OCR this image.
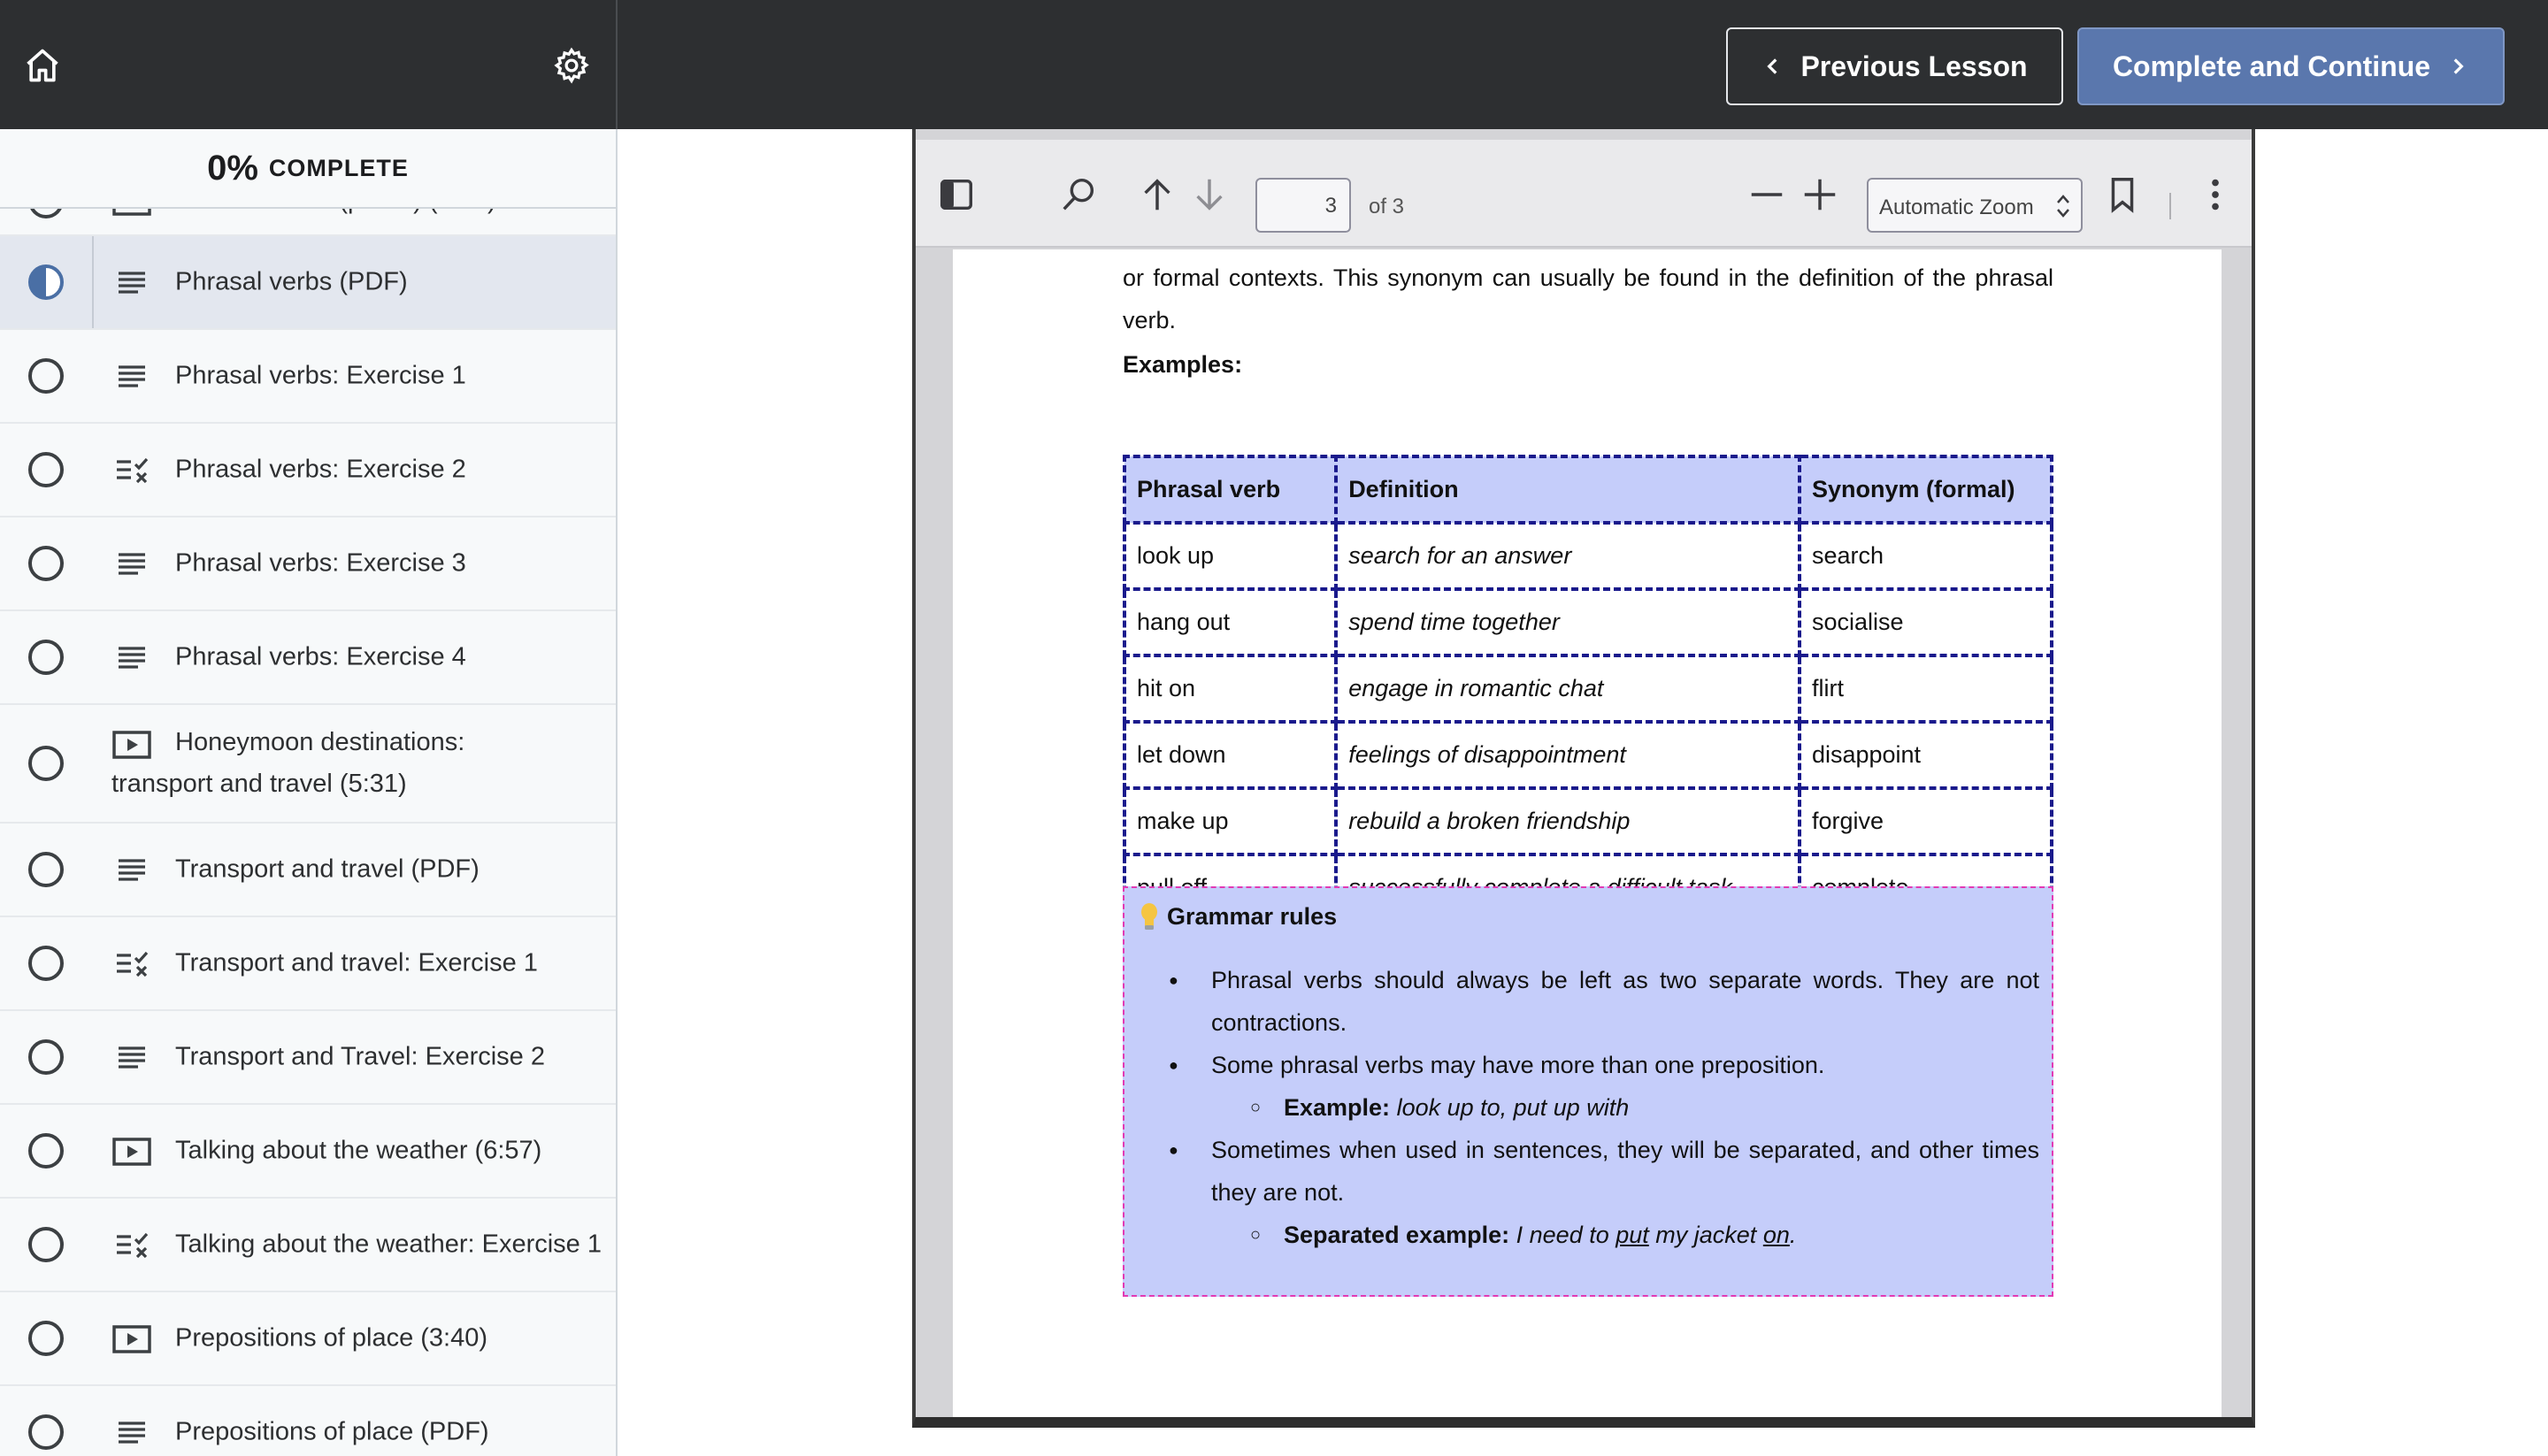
Previous Lesson	Complete and Continue
0% COMPLETE
Phrasal verbs (PDF)
Phrasal verbs: Exercise 1
Phrasal verbs: Exercise 2
Phrasal verbs: Exercise 3
Phrasal verbs: Exercise 4
Honeymoon destinations: transport and travel (5:31)
Transport and travel (PDF)
Transport and travel: Exercise 1
Transport and Travel: Exercise 2
Talking about the weather (6:57)
Talking about the weather: Exercise 1
Prepositions of place (3:40)
Prepositions of place (PDF)
3	of 3	Automatic Zoom

or formal contexts. This synonym can usually be found in the definition of the phrasal verb.

Examples:

Phrasal verb	Definition	Synonym (formal)
look up	search for an answer	search
hang out	spend time together	socialise
hit on	engage in romantic chat	flirt
let down	feelings of disappointment	disappoint
make up	rebuild a broken friendship	forgive

Grammar rules

● Phrasal verbs should always be left as two separate words. They are not contractions.

● Some phrasal verbs may have more than one preposition.

○ Example: look up to, put up with

● Sometimes when used in sentences, they will be separated, and other times they are not.

○ Separated example: I need to put my jacket on.
